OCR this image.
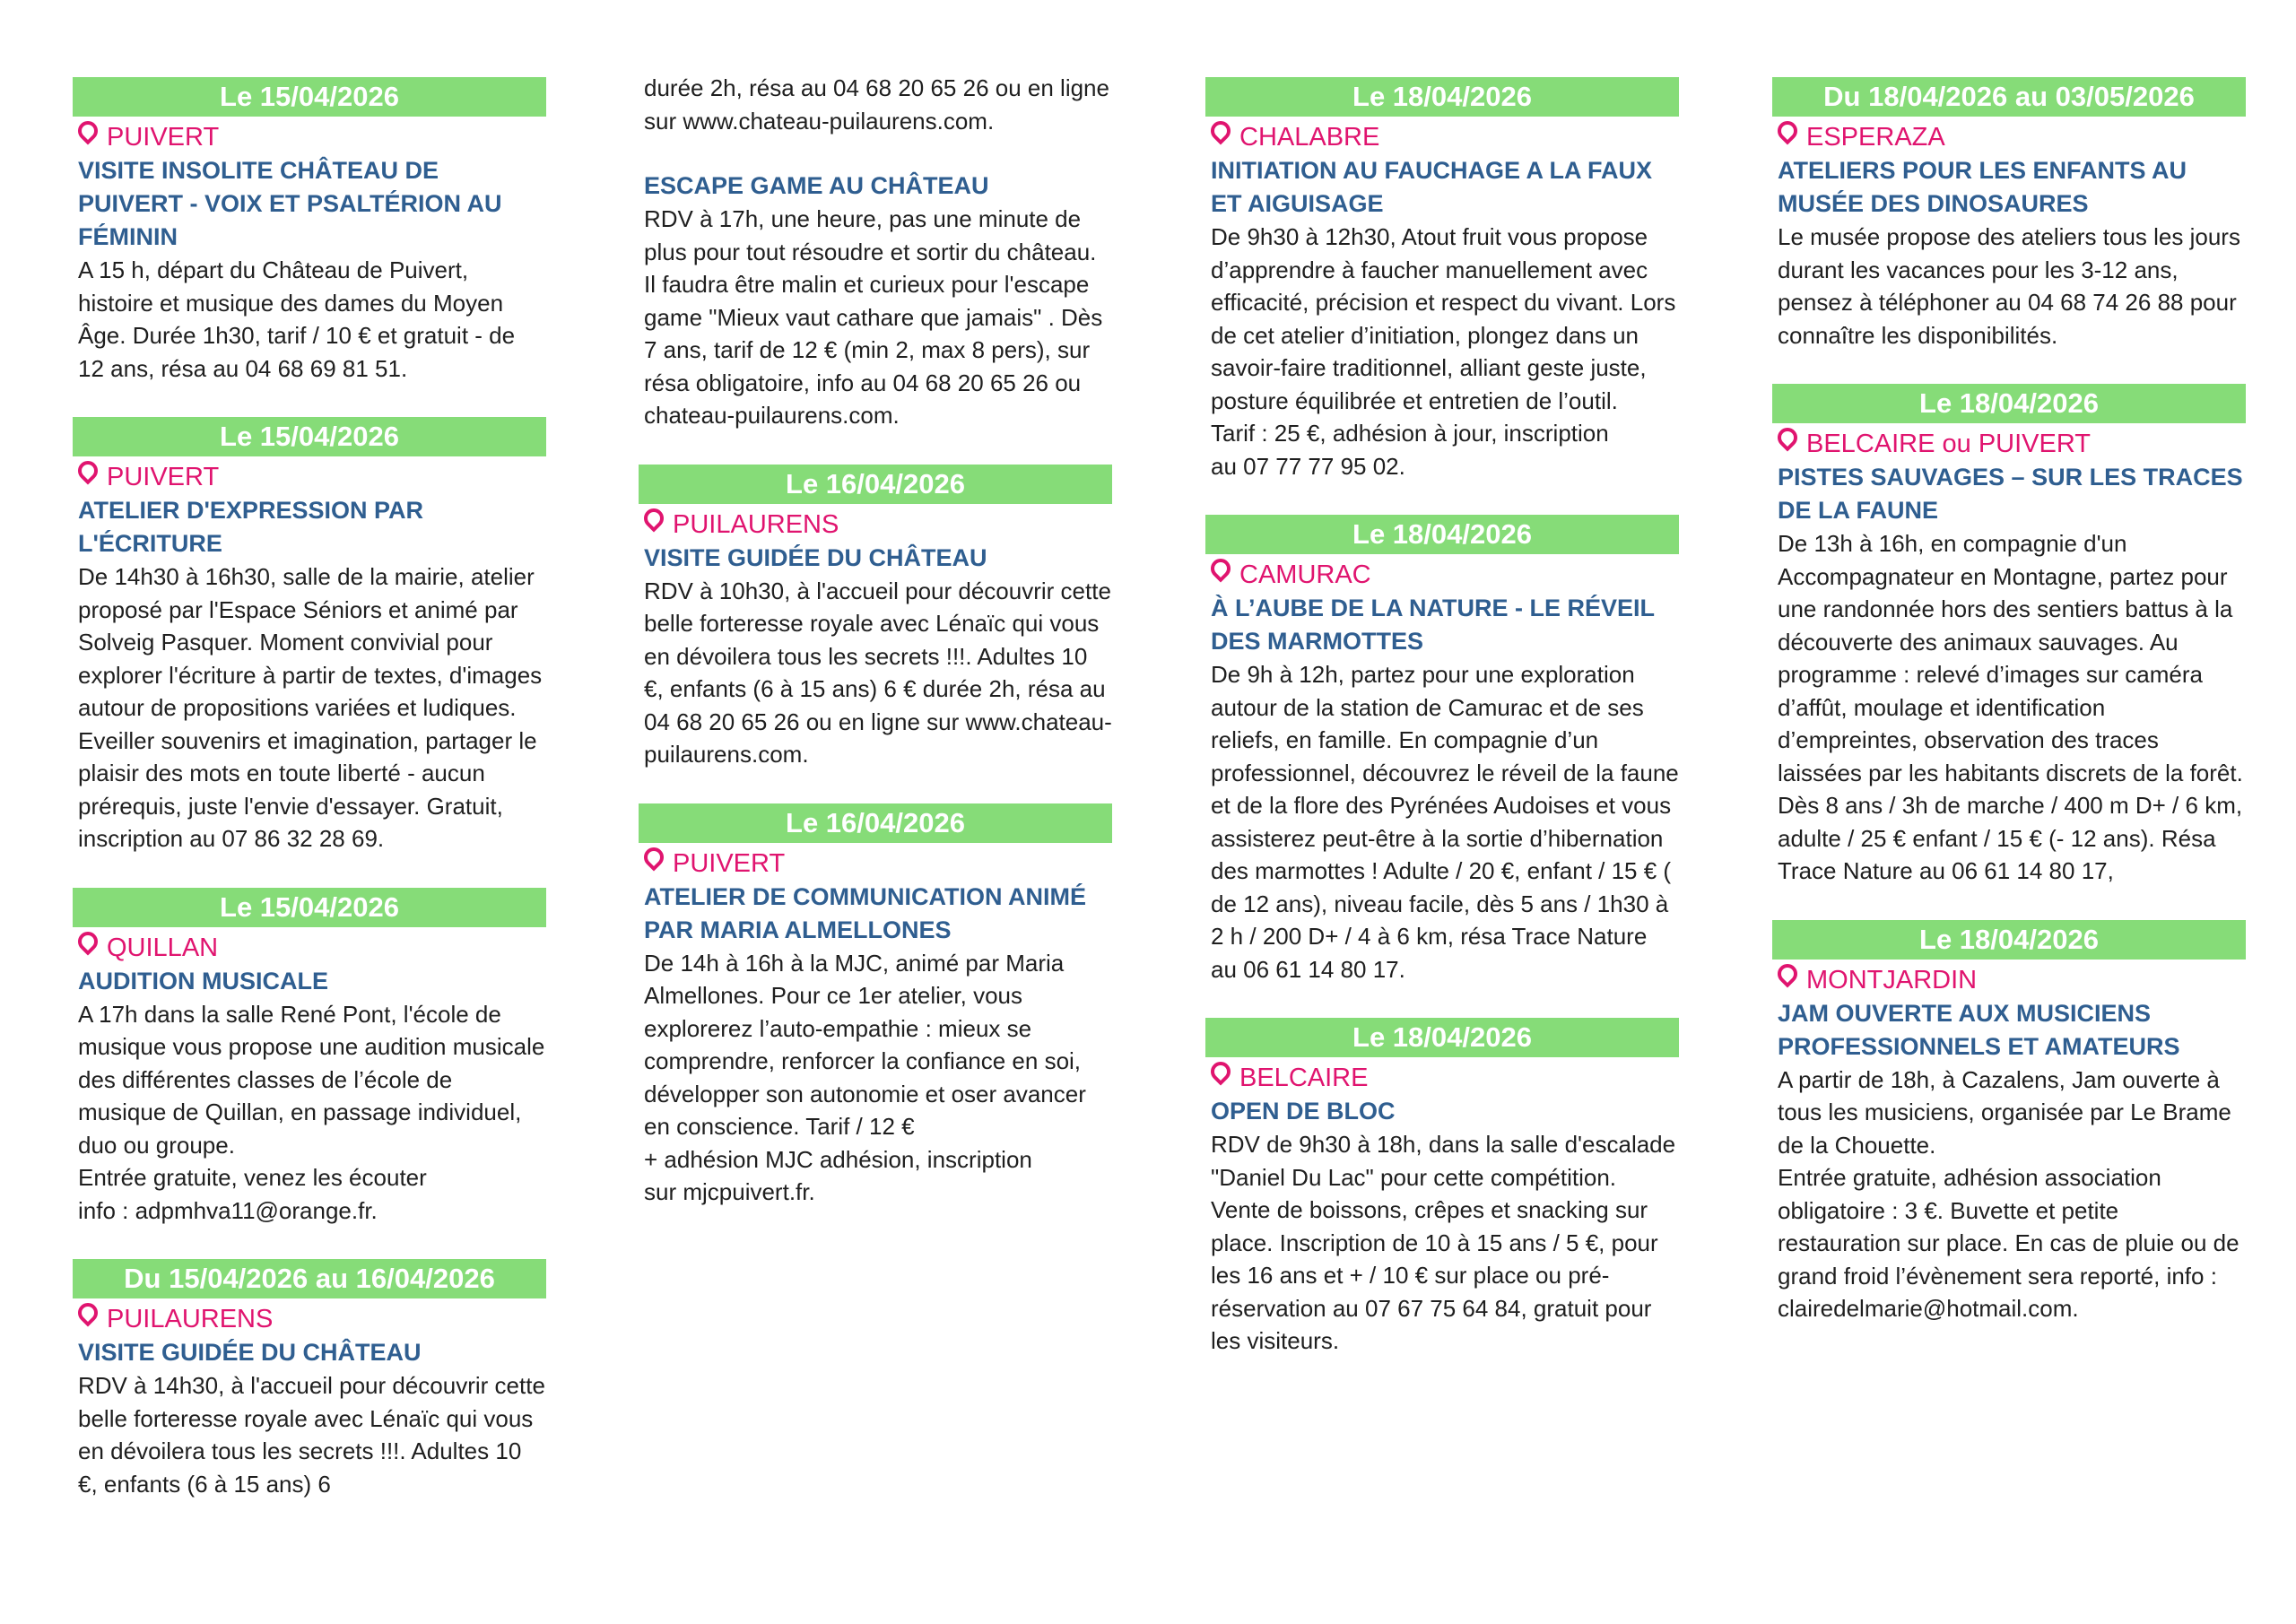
Le 15/04/2026
PUIVERT
VISITE INSOLITE CHÂTEAU DE PUIVERT - VOIX ET PSALTÉRION AU FÉMININ
A 15 h, départ du Château de Puivert, histoire et musique des dames du Moyen Âge. Durée 1h30, tarif / 10 € et gratuit - de 12 ans, résa au 04 68 69 81 51.
Le 15/04/2026
PUIVERT
ATELIER D'EXPRESSION PAR L'ÉCRITURE
De 14h30 à 16h30, salle de la mairie, atelier proposé par l'Espace Séniors et animé par Solveig Pasquer. Moment convivial pour explorer l'écriture à partir de textes, d'images autour de propositions variées et ludiques. Eveiller souvenirs et imagination, partager le plaisir des mots en toute liberté - aucun prérequis, juste l'envie d'essayer. Gratuit, inscription au 07 86 32 28 69.
Le 15/04/2026
QUILLAN
AUDITION MUSICALE
A 17h dans la salle René Pont, l'école de musique vous propose une audition musicale des différentes classes de l’école de musique de Quillan, en passage individuel, duo ou groupe.
Entrée gratuite, venez les écouter
info : adpmhva11@orange.fr.
Du 15/04/2026 au 16/04/2026
PUILAURENS
VISITE GUIDÉE DU CHÂTEAU
RDV à 14h30, à l'accueil pour découvrir cette belle forteresse royale avec Lénaïc qui vous en dévoilera tous les secrets !!!. Adultes 10 €, enfants (6 à 15 ans) 6
durée 2h, résa au 04 68 20 65 26 ou en ligne sur www.chateau-puilaurens.com.
ESCAPE GAME AU CHÂTEAU
RDV à 17h, une heure, pas une minute de plus pour tout résoudre et sortir du château. Il faudra être malin et curieux pour l'escape game "Mieux vaut cathare que jamais" . Dès 7 ans, tarif de 12 € (min 2, max 8 pers), sur résa obligatoire, info au 04 68 20 65 26 ou chateau-puilaurens.com.
Le 16/04/2026
PUILAURENS
VISITE GUIDÉE DU CHÂTEAU
RDV à 10h30, à l'accueil pour découvrir cette belle forteresse royale avec Lénaïc qui vous en dévoilera tous les secrets !!!. Adultes 10 €, enfants (6 à 15 ans) 6 € durée 2h, résa au 04 68 20 65 26 ou en ligne sur www.chateau-puilaurens.com.
Le 16/04/2026
PUIVERT
ATELIER DE COMMUNICATION ANIMÉ PAR MARIA ALMELLONES
De 14h à 16h à la MJC, animé par Maria Almellones. Pour ce 1er atelier, vous explorerez l’auto-empathie : mieux se comprendre, renforcer la confiance en soi, développer son autonomie et oser avancer en conscience. Tarif / 12 €
+ adhésion MJC adhésion, inscription
sur mjcpuivert.fr.
Le 18/04/2026
CHALABRE
INITIATION AU FAUCHAGE A LA FAUX ET AIGUISAGE
De 9h30 à 12h30, Atout fruit vous propose d’apprendre à faucher manuellement avec efficacité, précision et respect du vivant. Lors de cet atelier d’initiation, plongez dans un savoir-faire traditionnel, alliant geste juste,
posture équilibrée et entretien de l’outil.
Tarif : 25 €, adhésion à jour, inscription
au 07 77 77 95 02.
Le 18/04/2026
CAMURAC
À L’AUBE DE LA NATURE - LE RÉVEIL DES MARMOTTES
De 9h à 12h, partez pour une exploration autour de la station de Camurac et de ses reliefs, en famille. En compagnie d’un professionnel, découvrez le réveil de la faune et de la flore des Pyrénées Audoises et vous assisterez peut-être à la sortie d’hibernation des marmottes ! Adulte / 20 €, enfant / 15 € ( de 12 ans), niveau facile, dès 5 ans / 1h30 à 2 h / 200 D+ / 4 à 6 km, résa Trace Nature
au 06 61 14 80 17.
Le 18/04/2026
BELCAIRE
OPEN DE BLOC
RDV de 9h30 à 18h, dans la salle d'escalade "Daniel Du Lac" pour cette compétition. Vente de boissons, crêpes et snacking sur place. Inscription de 10 à 15 ans / 5 €, pour les 16 ans et + / 10 € sur place ou pré-réservation au 07 67 75 64 84, gratuit pour les visiteurs.
Du 18/04/2026 au 03/05/2026
ESPERAZA
ATELIERS POUR LES ENFANTS AU MUSÉE DES DINOSAURES
Le musée propose des ateliers tous les jours durant les vacances pour les 3-12 ans, pensez à téléphoner au 04 68 74 26 88 pour connaître les disponibilités.
Le 18/04/2026
BELCAIRE ou PUIVERT
PISTES SAUVAGES – SUR LES TRACES DE LA FAUNE
De 13h à 16h, en compagnie d'un Accompagnateur en Montagne, partez pour une randonnée hors des sentiers battus à la découverte des animaux sauvages. Au programme : relevé d’images sur caméra d’affût, moulage et identification d’empreintes, observation des traces laissées par les habitants discrets de la forêt. Dès 8 ans / 3h de marche / 400 m D+ / 6 km, adulte / 25 € enfant / 15 € (- 12 ans). Résa Trace Nature au 06 61 14 80 17,
Le 18/04/2026
MONTJARDIN
JAM OUVERTE AUX MUSICIENS PROFESSIONNELS ET AMATEURS
A partir de 18h, à Cazalens, Jam ouverte à tous les musiciens, organisée par Le Brame de la Chouette.
Entrée gratuite, adhésion association obligatoire : 3 €. Buvette et petite restauration sur place. En cas de pluie ou de grand froid l’évènement sera reporté, info : clairedelmarie@hotmail.com.
